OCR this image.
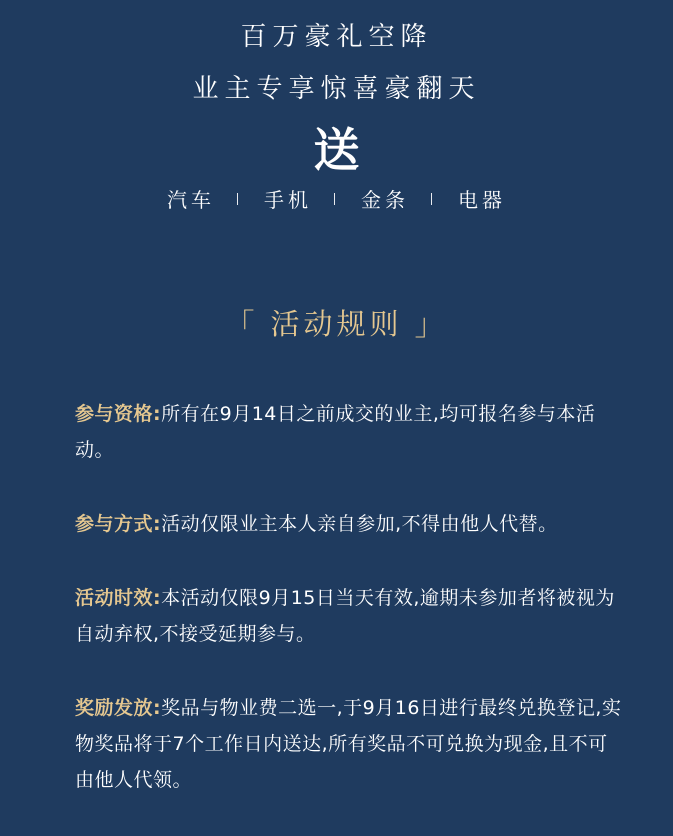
百万豪礼空降
业主专享惊喜豪翻天
送
汽车 手机 金条 电器
「 活动规则 」

参与资格:所有在9月14日之前成交的业主,均可报名参与本活动。

参与方式:活动仅限业主本人亲自参加,不得由他人代替。

活动时效:本活动仅限9月15日当天有效,逾期未参加者将被视为自动弃权,不接受延期参与。

奖励发放:奖品与物业费二选一,于9月16日进行最终兑换登记,实物奖品将于7个工作日内送达,所有奖品不可兑换为现金,且不可由他人代领。
